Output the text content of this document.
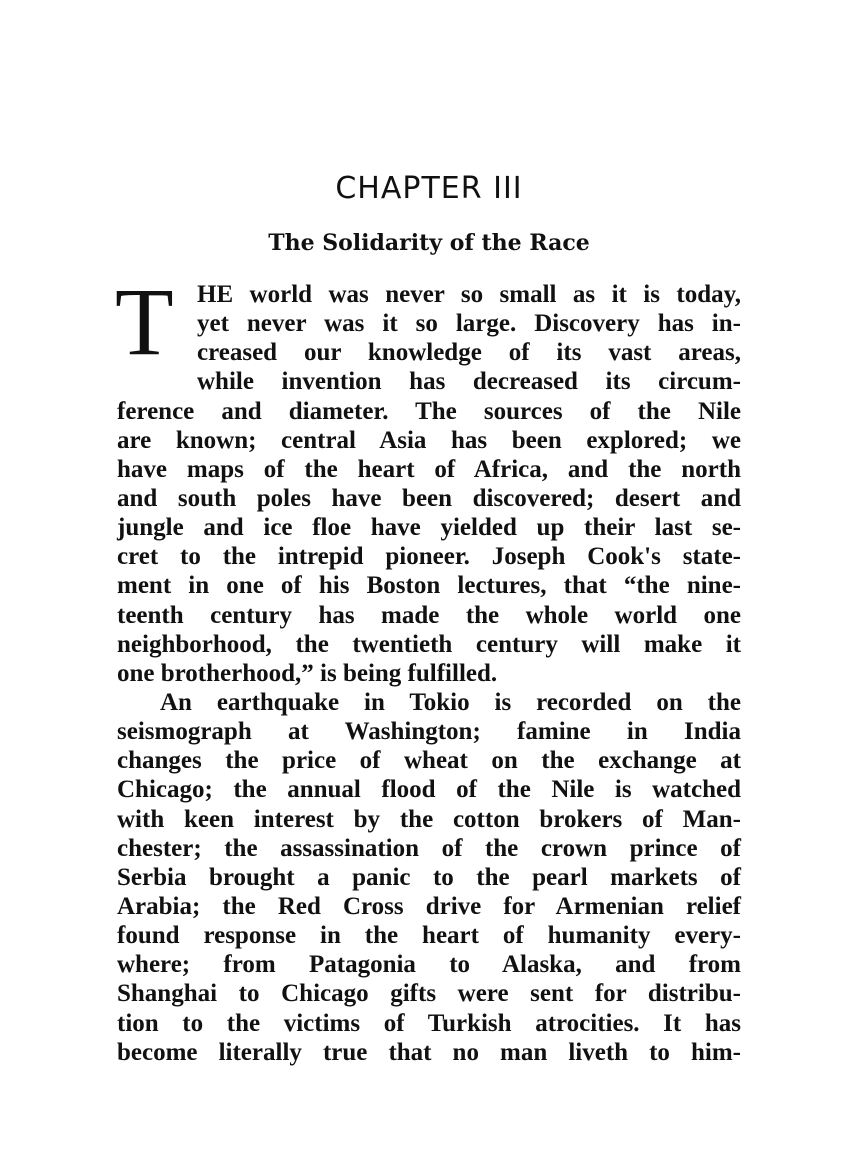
CHAPTER III
The Solidarity of the Race
T HE world was never so small as it is today,
yet never was it so large. Discovery has in-
creased our knowledge of its vast areas,
while invention has decreased its circum-
ference and diameter. The sources of the Nile
are known; central Asia has been explored; we
have maps of the heart of Africa, and the north
and south poles have been discovered; desert and
jungle and ice floe have yielded up their last se-
cret to the intrepid pioneer. Joseph Cook's state-
ment in one of his Boston lectures, that “the nine-
teenth century has made the whole world one
neighborhood, the twentieth century will make it
one brotherhood,” is being fulfilled.
An earthquake in Tokio is recorded on the
seismograph at Washington; famine in India
changes the price of wheat on the exchange at
Chicago; the annual flood of the Nile is watched
with keen interest by the cotton brokers of Man-
chester; the assassination of the crown prince of
Serbia brought a panic to the pearl markets of
Arabia; the Red Cross drive for Armenian relief
found response in the heart of humanity every-
where; from Patagonia to Alaska, and from
Shanghai to Chicago gifts were sent for distribu-
tion to the victims of Turkish atrocities. It has
become literally true that no man liveth to him-
